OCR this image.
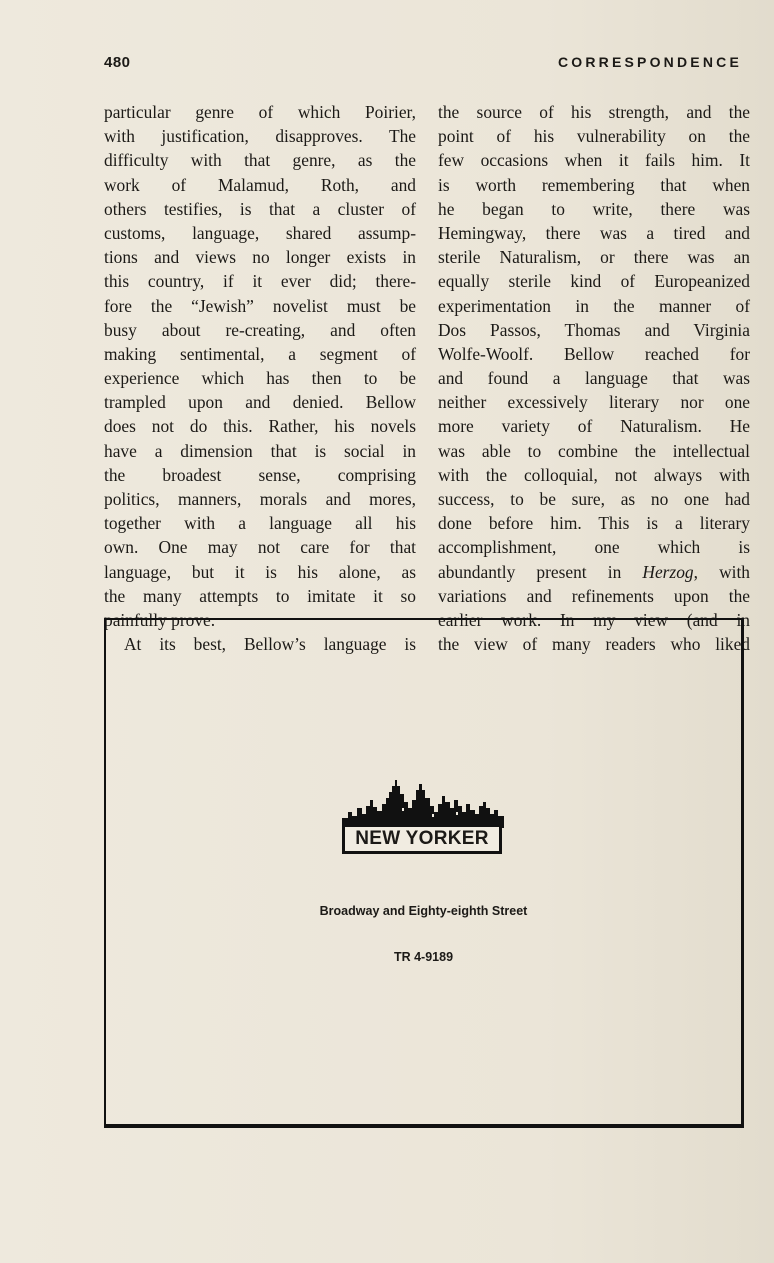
480	CORRESPONDENCE
particular genre of which Poirier,
with justification, disapproves. The
difficulty with that genre, as the
work of Malamud, Roth, and
others testifies, is that a cluster of
customs, language, shared assump-
tions and views no longer exists in
this country, if it ever did; there-
fore the “Jewish” novelist must be
busy about re-creating, and often
making sentimental, a segment of
experience which has then to be
trampled upon and denied. Bellow
does not do this. Rather, his novels
have a dimension that is social in
the broadest sense, comprising
politics, manners, morals and mores,
together with a language all his
own. One may not care for that
language, but it is his alone, as
the many attempts to imitate it so
painfully prove.
At its best, Bellow’s language is
the source of his strength, and the
point of his vulnerability on the
few occasions when it fails him. It
is worth remembering that when
he began to write, there was
Hemingway, there was a tired and
sterile Naturalism, or there was an
equally sterile kind of Europeanized
experimentation in the manner of
Dos Passos, Thomas and Virginia
Wolfe-Woolf. Bellow reached for
and found a language that was
neither excessively literary nor one
more variety of Naturalism. He
was able to combine the intellectual
with the colloquial, not always with
success, to be sure, as no one had
done before him. This is a literary
accomplishment, one which is
abundantly present in Herzog, with
variations and refinements upon the
earlier work. In my view (and in
the view of many readers who liked
NEW YORKER
Broadway and Eighty-eighth Street
TR 4-9189
